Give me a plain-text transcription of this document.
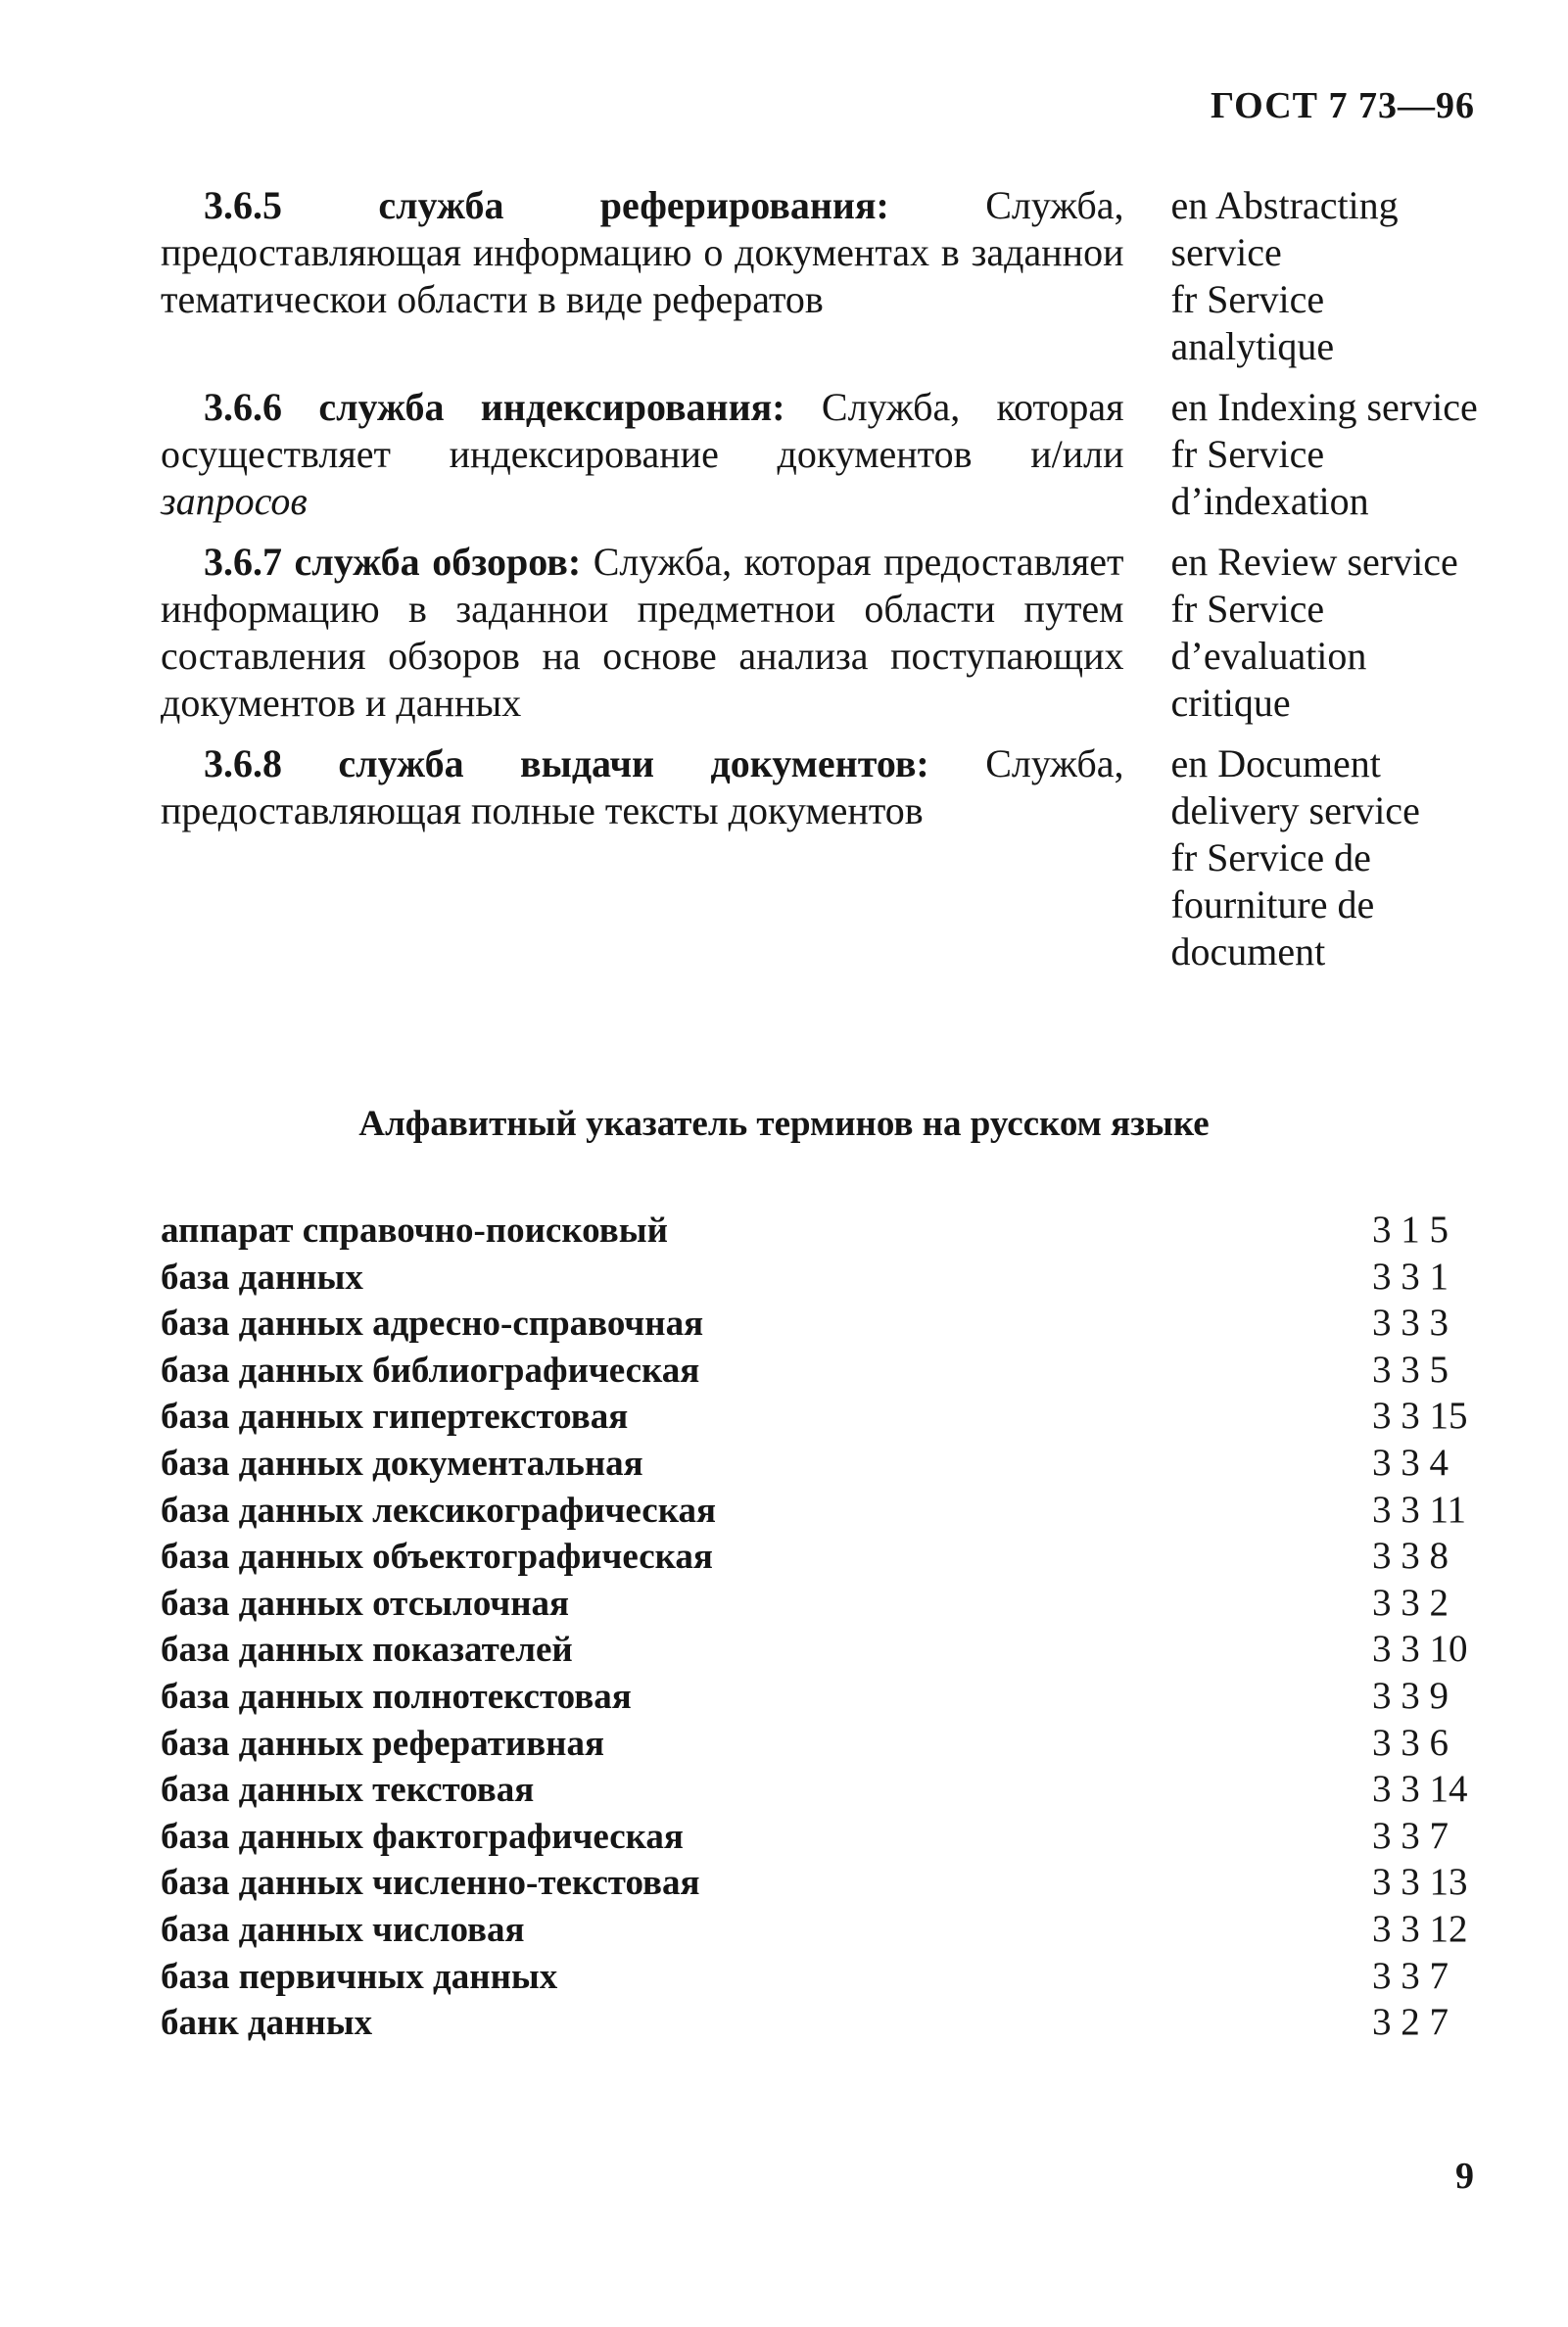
ГОСТ 7 73—96
3.6.5 служба реферирования: Служба, предоставляющая информацию о документах в заданнои тематическои области в виде рефератов
en Abstracting service
fr Service analytique
3.6.6 служба индексирования: Служба, которая осуществляет индексирование документов и/или запросов
en Indexing service
fr Service d’indexation
3.6.7 служба обзоров: Служба, которая предоставляет информацию в заданнои предметнои области путем составления обзоров на основе анализа поступающих документов и данных
en Review service
fr Service d’evaluation critique
3.6.8 служба выдачи документов: Служба, предоставляющая полные тексты документов
en Document delivery service
fr Service de fourniture de document
Алфавитный указатель терминов на русском языке
аппарат справочно-поисковый	3 1 5
база данных	3 3 1
база данных адресно-справочная	3 3 3
база данных библиографическая	3 3 5
база данных гипертекстовая	3 3 15
база данных документальная	3 3 4
база данных лексикографическая	3 3 11
база данных объектографическая	3 3 8
база данных отсылочная	3 3 2
база данных показателей	3 3 10
база данных полнотекстовая	3 3 9
база данных реферативная	3 3 6
база данных текстовая	3 3 14
база данных фактографическая	3 3 7
база данных численно-текстовая	3 3 13
база данных числовая	3 3 12
база первичных данных	3 3 7
банк данных	3 2 7
9
